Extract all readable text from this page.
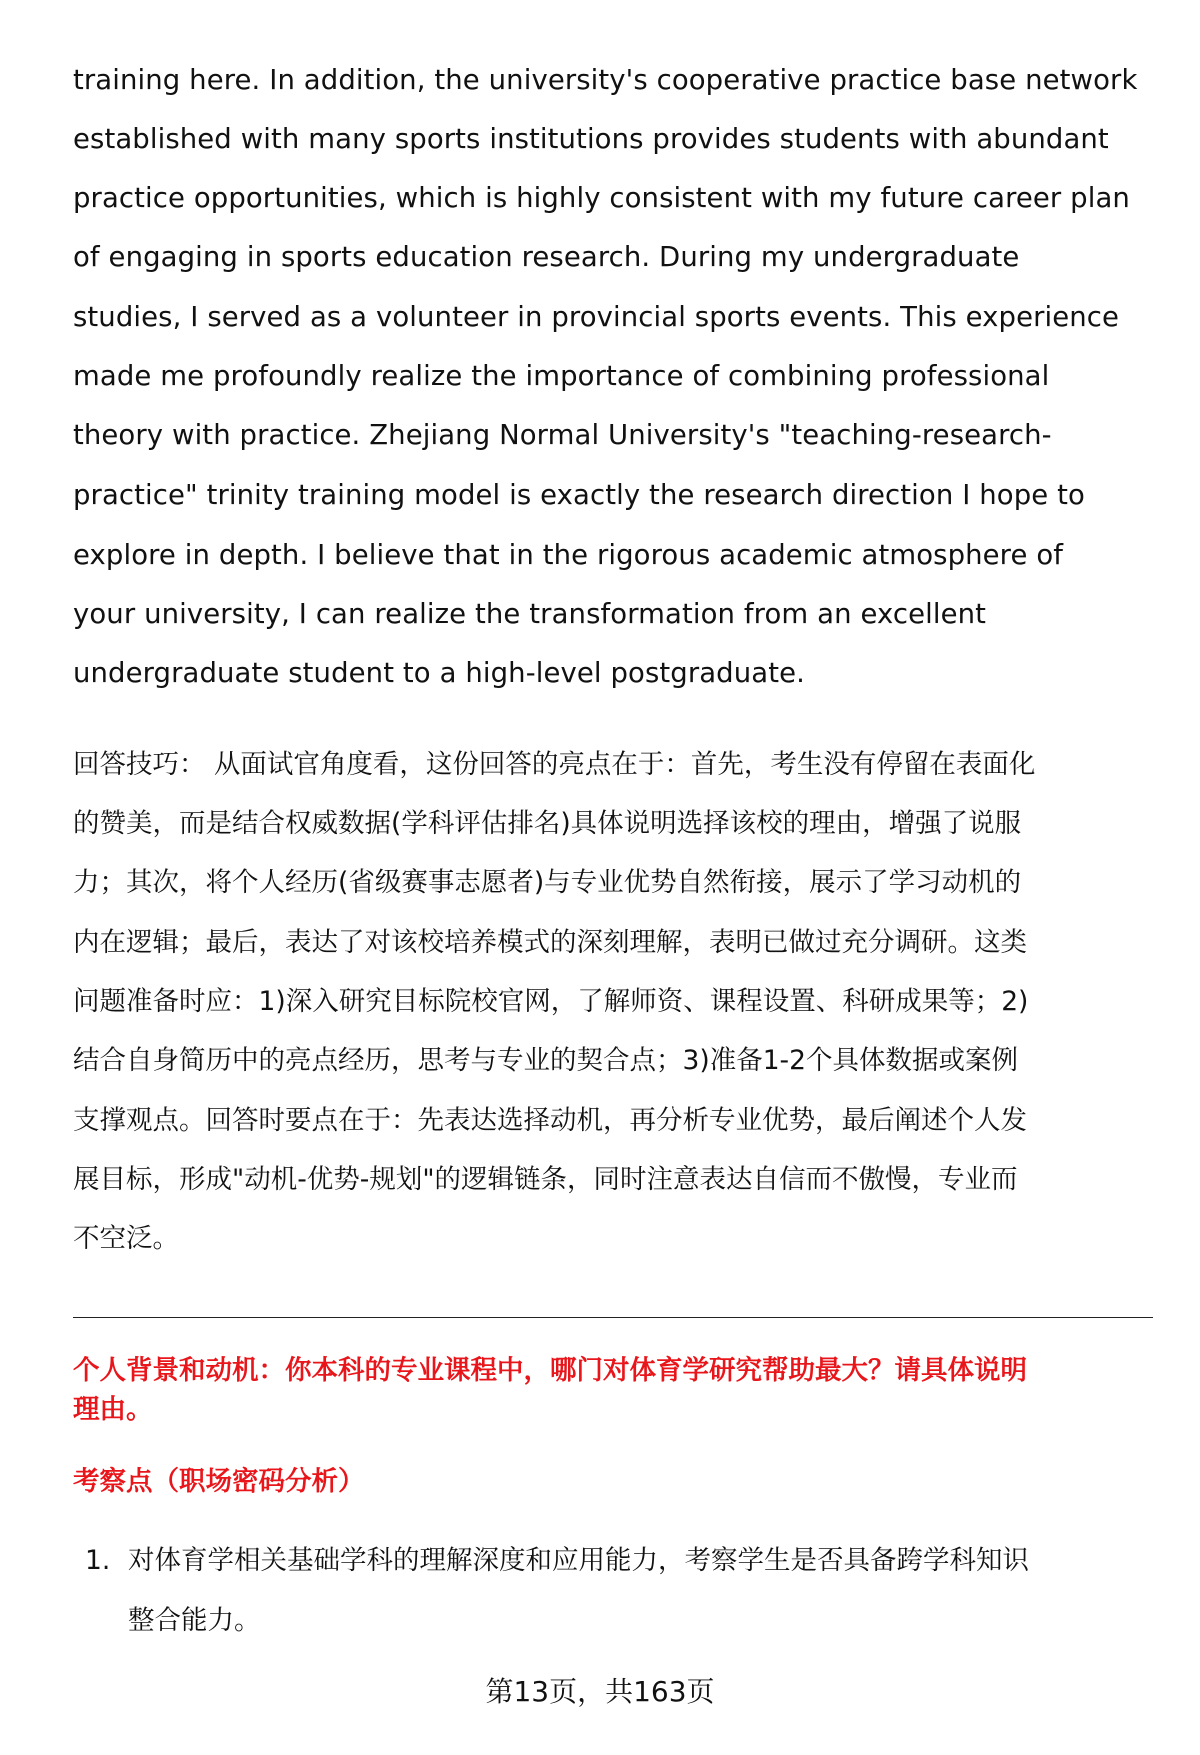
training here. In addition, the university's cooperative practice base network
established with many sports institutions provides students with abundant
practice opportunities, which is highly consistent with my future career plan
of engaging in sports education research. During my undergraduate
studies, I served as a volunteer in provincial sports events. This experience
made me profoundly realize the importance of combining professional
theory with practice. Zhejiang Normal University's "teaching-research-
practice" trinity training model is exactly the research direction I hope to
explore in depth. I believe that in the rigorous academic atmosphere of
your university, I can realize the transformation from an excellent
undergraduate student to a high-level postgraduate.
回答技巧： 从面试官角度看，这份回答的亮点在于：首先，考生没有停留在表面化
的赞美，而是结合权威数据(学科评估排名)具体说明选择该校的理由，增强了说服
力；其次，将个人经历(省级赛事志愿者)与专业优势自然衔接，展示了学习动机的
内在逻辑；最后，表达了对该校培养模式的深刻理解，表明已做过充分调研。这类
问题准备时应：1)深入研究目标院校官网，了解师资、课程设置、科研成果等；2)
结合自身简历中的亮点经历，思考与专业的契合点；3)准备1-2个具体数据或案例
支撑观点。回答时要点在于：先表达选择动机，再分析专业优势，最后阐述个人发
展目标，形成"动机-优势-规划"的逻辑链条，同时注意表达自信而不傲慢，专业而
不空泛。
个人背景和动机：你本科的专业课程中，哪门对体育学研究帮助最大？请具体说明
理由。
考察点（职场密码分析）
1. 对体育学相关基础学科的理解深度和应用能力，考察学生是否具备跨学科知识
整合能力。
第13页，共163页
